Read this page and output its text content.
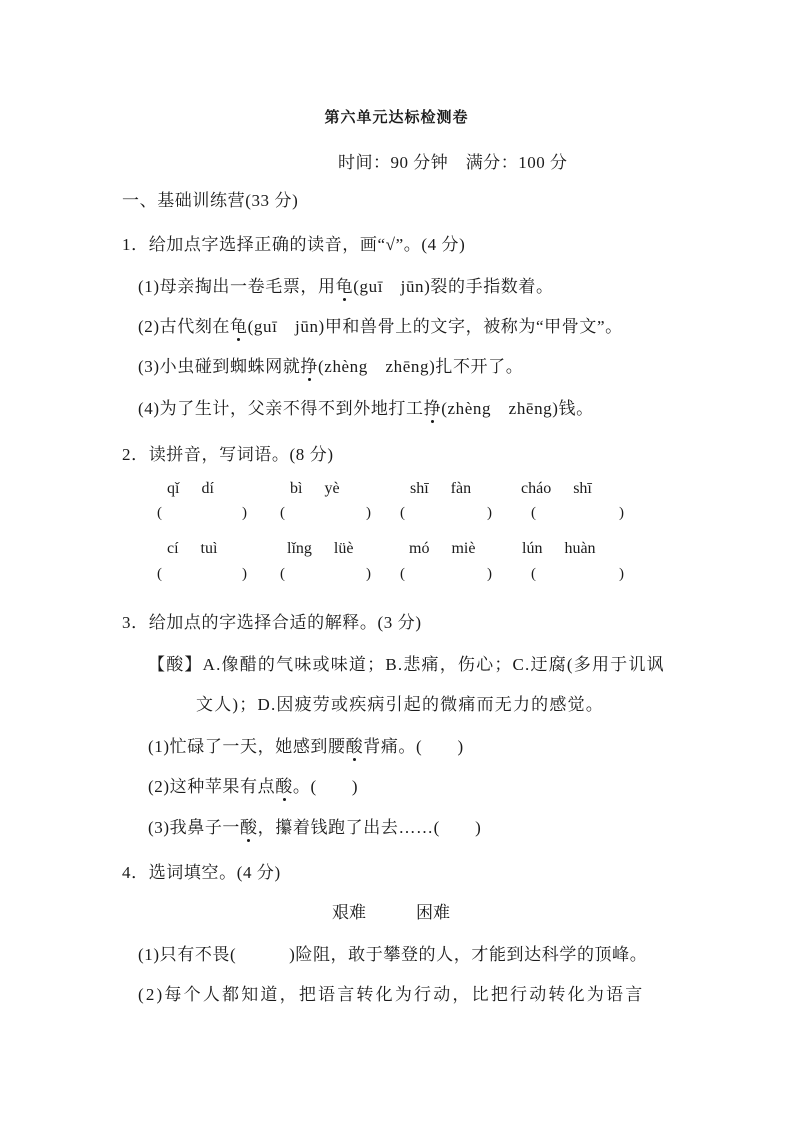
第六单元达标检测卷
时间：90 分钟　满分：100 分
一、基础训练营(33 分)
1．给加点字选择正确的读音，画“√”。(4 分)
(1)母亲掏出一卷毛票，用龟(guī　jūn)裂的手指数着。
(2)古代刻在龟(guī　jūn)甲和兽骨上的文字，被称为“甲骨文”。
(3)小虫碰到蜘蛛网就挣(zhèng　zhēng)扎不开了。
(4)为了生计，父亲不得不到外地打工挣(zhèng　zhēng)钱。
2．读拼音，写词语。(8 分)
qǐ dí	bì yè	shī fàn	cháo shī
(	) (	) (	)	(	)
cí tuì	lǐng lüè	mó miè	lún huàn
(	) (	) (	)	(	)
3．给加点的字选择合适的解释。(3 分)
【酸】A.像醋的气味或味道；B.悲痛，伤心；C.迂腐(多用于讥讽
文人)；D.因疲劳或疾病引起的微痛而无力的感觉。
(1)忙碌了一天，她感到腰酸背痛。(　　)
(2)这种苹果有点酸。(　　)
(3)我鼻子一酸，攥着钱跑了出去……(　　)
4．选词填空。(4 分)
艰难	困难
(1)只有不畏(　　　)险阻，敢于攀登的人，才能到达科学的顶峰。
(2)每个人都知道，把语言转化为行动，比把行动转化为语言
